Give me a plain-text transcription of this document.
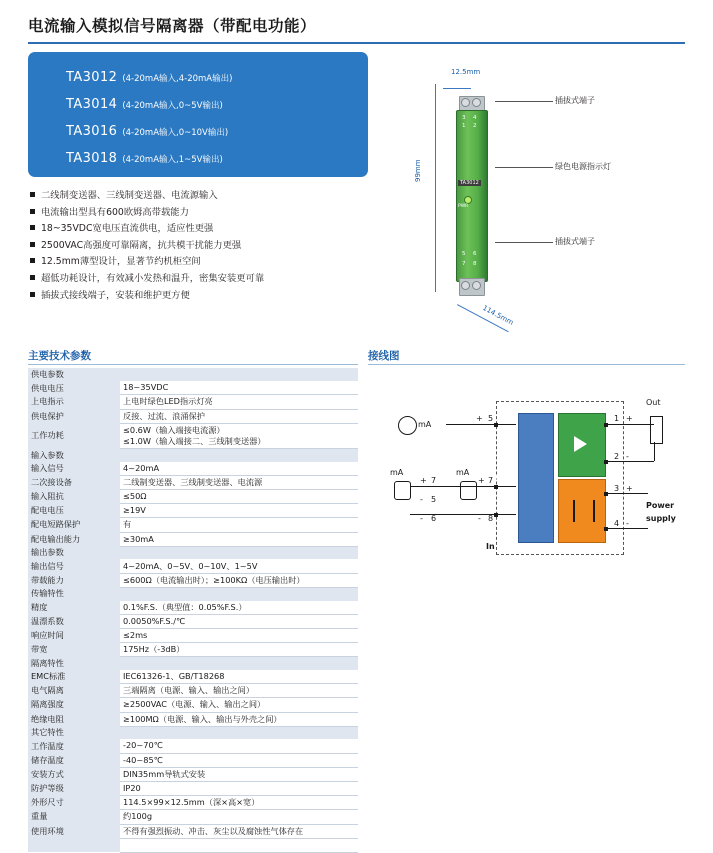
电流输入模拟信号隔离器（带配电功能）
TA3012 (4-20mA输入,4-20mA输出)
TA3014 (4-20mA输入,0~5V输出)
TA3016 (4-20mA输入,0~10V输出)
TA3018 (4-20mA输入,1~5V输出)
二线制变送器、三线制变送器、电流源输入
电流输出型具有600欧姆高带载能力
18~35VDC宽电压直流供电，适应性更强
2500VAC高强度可靠隔离，抗共模干扰能力更强
12.5mm薄型设计，显著节约机柜空间
超低功耗设计，有效减小发热和温升，密集安装更可靠
插拔式接线端子，安装和维护更方便
12.5mm
99mm
114.5mm
3 4
1 2
5 6
7 8
TA3012
PWR
插拔式端子
绿色电源指示灯
插拔式端子
主要技术参数	接线图
供电参数	
供电电压	18~35VDC
上电指示	上电时绿色LED指示灯亮
供电保护	反接、过流、浪涌保护
工作功耗	≤0.6W（输入端接电流源）
≤1.0W（输入端接二、三线制变送器）

输入参数	
输入信号	4~20mA
二次接设备	二线制变送器、三线制变送器、电流源
输入阻抗	≤50Ω
配电电压	≥19V
配电短路保护	有
配电输出能力	≥30mA
输出参数	
输出信号	4~20mA、0~5V、0~10V、1~5V
带载能力	≤600Ω（电流输出时）；≥100KΩ（电压输出时）
传输特性	
精度	0.1%F.S.（典型值：0.05%F.S.）
温漂系数	0.0050%F.S./℃
响应时间	≤2ms
带宽	175Hz（-3dB）
隔离特性	
EMC标准	IEC61326-1、GB/T18268
电气隔离	三端隔离（电源、输入、输出之间）
隔离强度	≥2500VAC（电源、输入、输出之间）
绝缘电阻	≥100MΩ（电源、输入、输出与外壳之间）
其它特性	
工作温度	-20~70℃
储存温度	-40~85℃
安装方式	DIN35mm导轨式安装
防护等级	IP20
外形尺寸	114.5×99×12.5mm（深×高×宽）
重量	约100g
使用环境	不得有强烈振动、冲击、灰尘以及腐蚀性气体存在

mA
+ 5
Out
1 +
2 -
mA
+ 7
- 5
- 6
mA
+ 7
- 8
In
3 +
4 -
Power
supply
